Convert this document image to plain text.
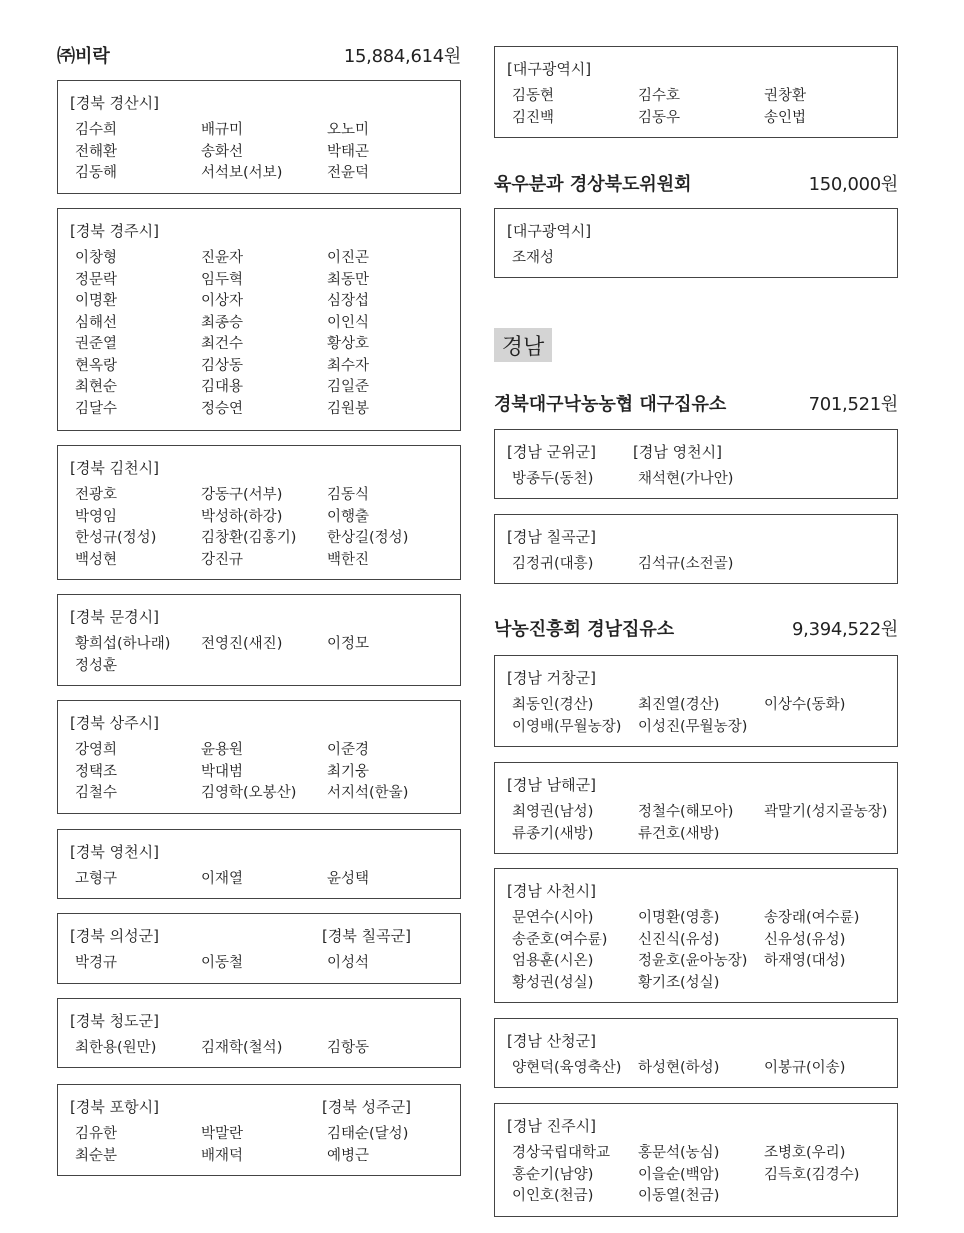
㈜비락	15,884,614원
[경북 경산시]
김수희	배규미	오노미
전해환	송화선	박태곤
김동해	서석보(서보)	전윤덕
[경북 경주시]
이창형	진윤자	이진곤
정문락	임두혁	최동만
이명환	이상자	심장섭
심해선	최종승	이인식
권준열	최건수	황상호
현옥랑	김상동	최수자
최현순	김대용	김일준
김달수	정승연	김원봉
[경북 김천시]
전광호	강동구(서부)	김동식
박영임	박성하(하강)	이행출
한성규(정성)	김창환(김홍기)	한상길(정성)
백성현	강진규	백한진
[경북 문경시]
황희섭(하나래)	전영진(새진)	이정모
정성훈
[경북 상주시]
강영희	윤용원	이준경
정택조	박대범	최기웅
김철수	김영학(오봉산)	서지석(한울)
[경북 영천시]
고형구	이재열	윤성택
[경북 의성군]	[경북 칠곡군]
박경규	이동철	이성석
[경북 청도군]
최한용(원만)	김재학(철석)	김항동
[경북 포항시]	[경북 성주군]
김유한	박말란	김태순(달성)
최순분	배재덕	예병근
[대구광역시]
김동현	김수호	권창환
김진백	김동우	송인법
육우분과 경상북도위원회	150,000원
[대구광역시]
조재성
경남
경북대구낙농농협 대구집유소	701,521원
[경남 군위군]	[경남 영천시]
방종두(동천)	채석현(가나안)
[경남 칠곡군]
김정귀(대흥)	김석규(소전골)
낙농진흥회 경남집유소	9,394,522원
[경남 거창군]
최동인(경산)	최진열(경산)	이상수(동화)
이영배(무월농장)	이성진(무월농장)
[경남 남해군]
최영권(남성)	정철수(해모아)	곽말기(성지골농장)
류종기(새방)	류건호(새방)
[경남 사천시]
문연수(시아)	이명환(영흥)	송장래(여수륜)
송준호(여수륜)	신진식(유성)	신유성(유성)
엄용훈(시온)	정윤호(윤아농장)	하재영(대성)
황성권(성실)	황기조(성실)
[경남 산청군]
양현덕(육영축산)	하성현(하성)	이봉규(이송)
[경남 진주시]
경상국립대학교	홍문석(농심)	조병호(우리)
홍순기(남양)	이을순(백암)	김득호(김경수)
이인호(천금)	이동열(천금)
